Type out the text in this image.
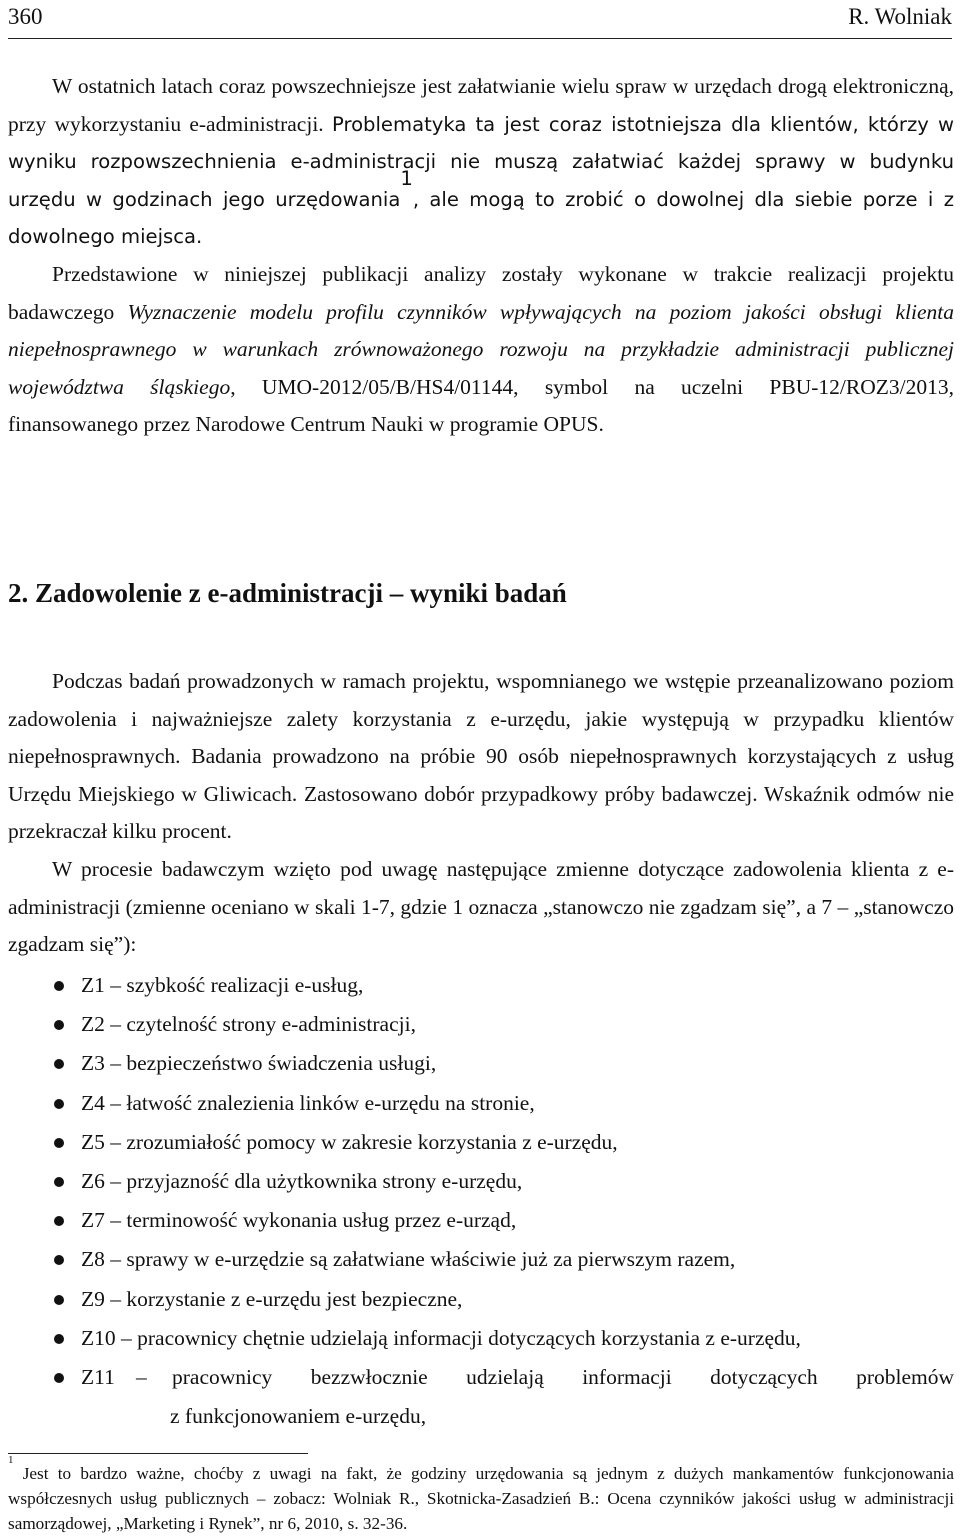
360	R. Wolniak

W ostatnich latach coraz powszechniejsze jest załatwianie wielu spraw w urzędach drogą elektroniczną, przy wykorzystaniu e-administracji. Problematyka ta jest coraz istotniejsza dla klientów, którzy w wyniku rozpowszechnienia e-administracji nie muszą załatwiać każdej sprawy w budynku urzędu w godzinach jego urzędowania$^1$, ale mogą to zrobić o dowolnej dla siebie porze i z dowolnego miejsca.

Przedstawione w niniejszej publikacji analizy zostały wykonane w trakcie realizacji projektu badawczego Wyznaczenie modelu profilu czynników wpływających na poziom jakości obsługi klienta niepełnosprawnego w warunkach zrównoważonego rozwoju na przykładzie administracji publicznej województwa śląskiego, UMO-2012/05/B/HS4/01144, symbol na uczelni PBU-12/ROZ3/2013, finansowanego przez Narodowe Centrum Nauki w programie OPUS.

2. Zadowolenie z e-administracji – wyniki badań

Podczas badań prowadzonych w ramach projektu, wspomnianego we wstępie przeanalizowano poziom zadowolenia i najważniejsze zalety korzystania z e-urzędu, jakie występują w przypadku klientów niepełnosprawnych. Badania prowadzono na próbie 90 osób niepełnosprawnych korzystających z usług Urzędu Miejskiego w Gliwicach. Zastosowano dobór przypadkowy próby badawczej. Wskaźnik odmów nie przekraczał kilku procent.

W procesie badawczym wzięto pod uwagę następujące zmienne dotyczące zadowolenia klienta z e-administracji (zmienne oceniano w skali 1-7, gdzie 1 oznacza „stanowczo nie zgadzam się”, a 7 – „stanowczo zgadzam się”):

Z1 – szybkość realizacji e-usług,
Z2 – czytelność strony e-administracji,
Z3 – bezpieczeństwo świadczenia usługi,
Z4 – łatwość znalezienia linków e-urzędu na stronie,
Z5 – zrozumiałość pomocy w zakresie korzystania z e-urzędu,
Z6 – przyjazność dla użytkownika strony e-urzędu,
Z7 – terminowość wykonania usług przez e-urząd,
Z8 – sprawy w e-urzędzie są załatwiane właściwie już za pierwszym razem,
Z9 – korzystanie z e-urzędu jest bezpieczne,
Z10 – pracownicy chętnie udzielają informacji dotyczących korzystania z e-urzędu,
Z11 – pracownicy bezzwłocznie udzielają informacji dotyczących problemów
z funkcjonowaniem e-urzędu,

$^1$ Jest to bardzo ważne, choćby z uwagi na fakt, że godziny urzędowania są jednym z dużych mankamentów funkcjonowania współczesnych usług publicznych – zobacz: Wolniak R., Skotnicka-Zasadzień B.: Ocena czynników jakości usług w administracji samorządowej, „Marketing i Rynek”, nr 6, 2010, s. 32-36.
